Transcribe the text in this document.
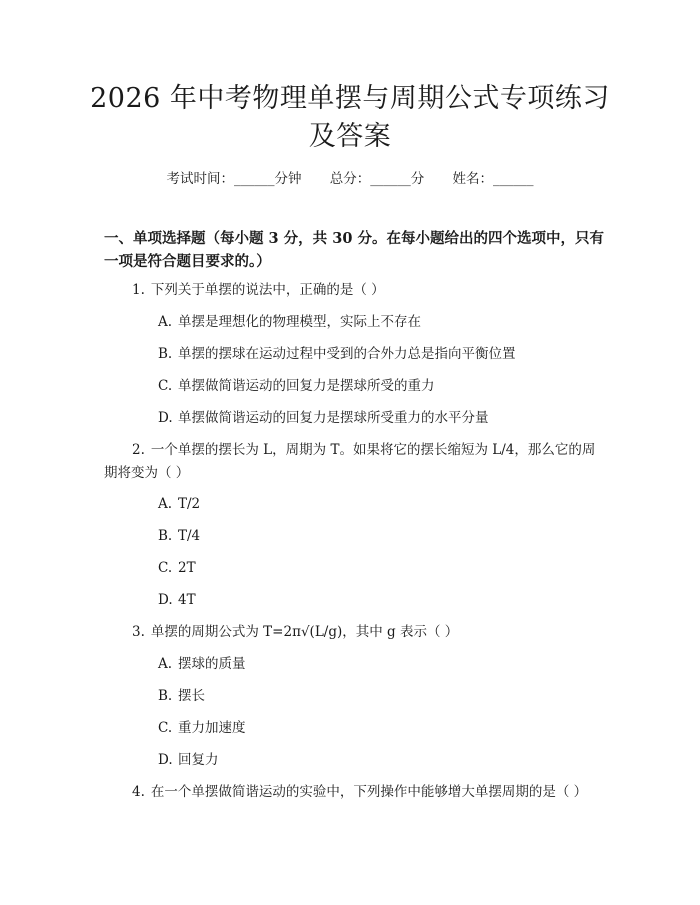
2026 年中考物理单摆与周期公式专项练习及答案
考试时间：______分钟 总分：______分 姓名：______
一、单项选择题（每小题 3 分，共 30 分。在每小题给出的四个选项中，只有一项是符合题目要求的。）
1. 下列关于单摆的说法中，正确的是（ ）
A. 单摆是理想化的物理模型，实际上不存在
B. 单摆的摆球在运动过程中受到的合外力总是指向平衡位置
C. 单摆做简谐运动的回复力是摆球所受的重力
D. 单摆做简谐运动的回复力是摆球所受重力的水平分量
2. 一个单摆的摆长为 L，周期为 T。如果将它的摆长缩短为 L/4，那么它的周期将变为（ ）
A. T/2
B. T/4
C. 2T
D. 4T
3. 单摆的周期公式为 T=2π√(L/g)，其中 g 表示（ ）
A. 摆球的质量
B. 摆长
C. 重力加速度
D. 回复力
4. 在一个单摆做简谐运动的实验中，下列操作中能够增大单摆周期的是（ ）
